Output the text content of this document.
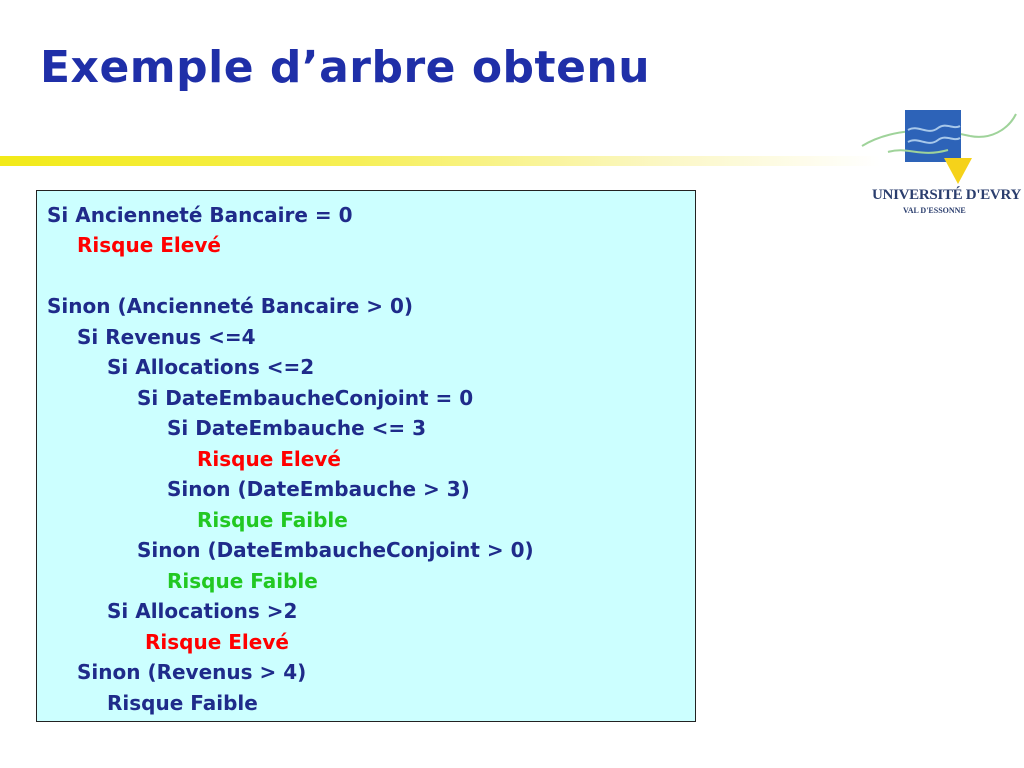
Exemple d’arbre obtenu
UNIVERSITÉ D'EVRY
VAL D'ESSONNE
Si Ancienneté Bancaire = 0
Risque Elevé
Sinon (Ancienneté Bancaire > 0)
Si Revenus <=4
Si Allocations <=2
Si DateEmbaucheConjoint = 0
Si DateEmbauche <= 3
Risque Elevé
Sinon (DateEmbauche > 3)
Risque Faible
Sinon (DateEmbaucheConjoint > 0)
Risque Faible
Si Allocations >2
Risque Elevé
Sinon (Revenus > 4)
Risque Faible
